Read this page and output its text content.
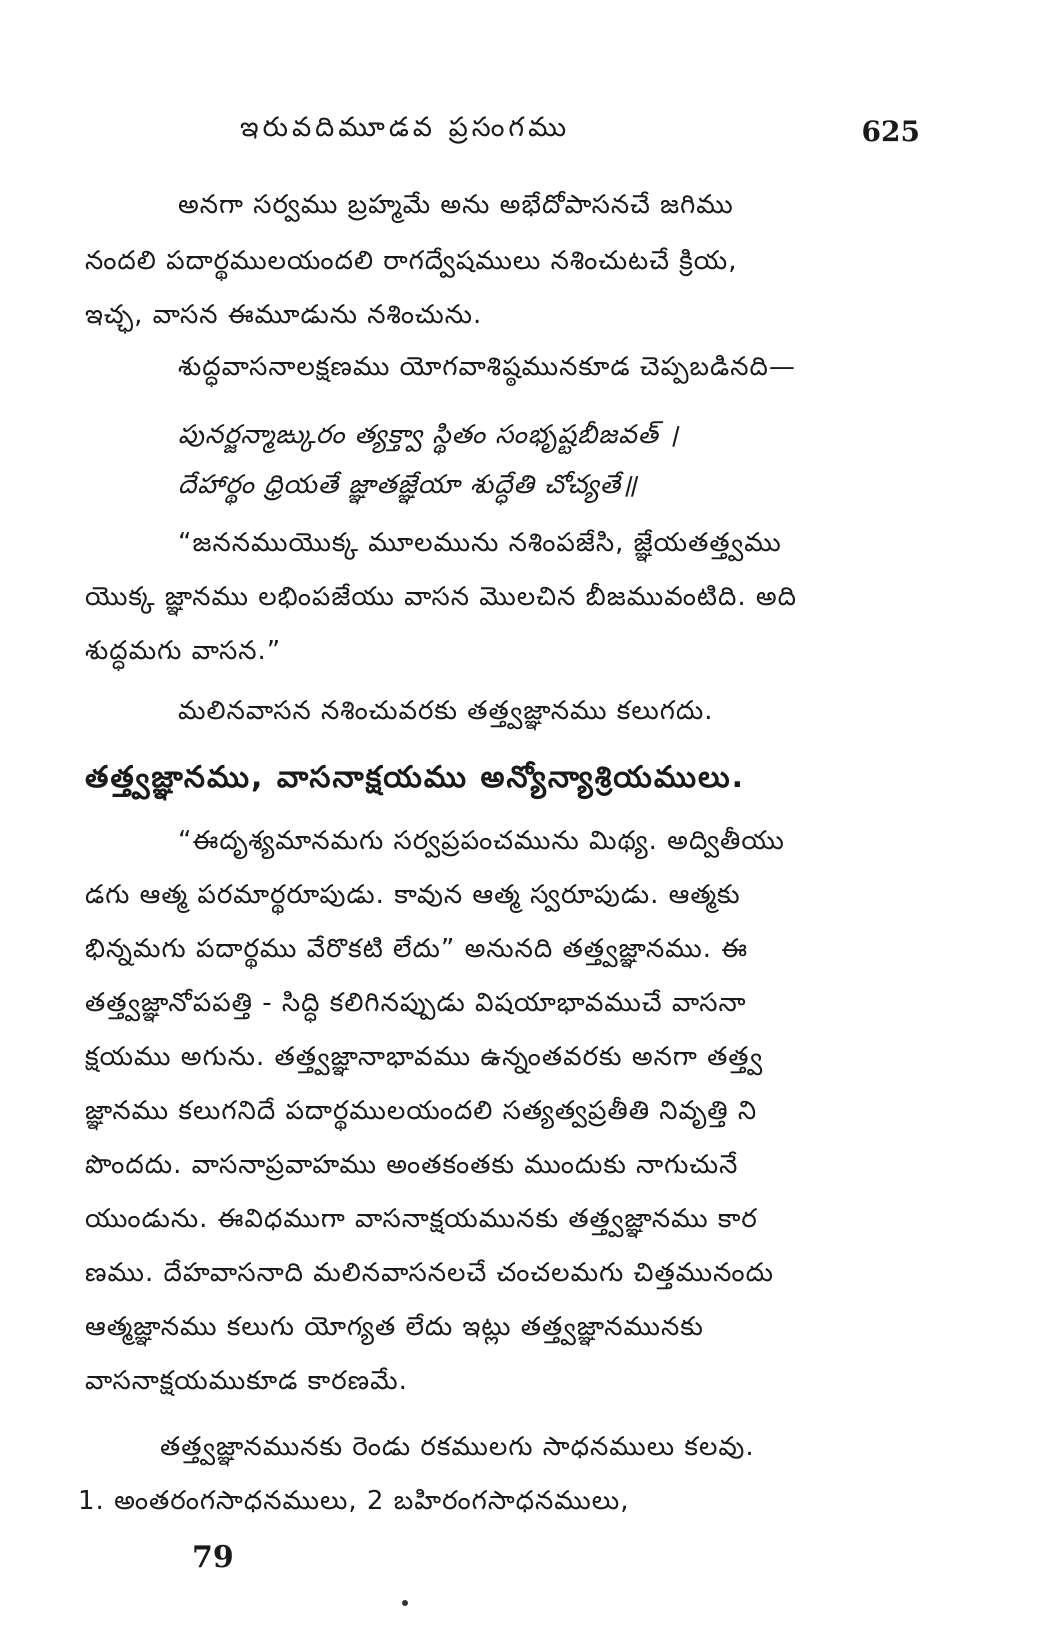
ఇరువదిమూడవ ప్రసంగము	625
అనగా సర్వము బ్రహ్మమే అను అభేదోపాసనచే జగిము
నందలి పదార్థములయందలి రాగద్వేషములు నశించుటచే క్రియ,
ఇచ్ఛ, వాసన ఈమూడును నశించును.
శుద్ధవాసనాలక్షణము యోగవాశిష్ఠమునకూడ చెప్పబడినది—
పునర్జన్మాఙ్కురం త్యక్త్వా స్థితం సంభృష్టబీజవత్ ।
దేహార్థం ధ్రియతే జ్ఞాతజ్ఞేయా శుద్ధేతి చోచ్యతే॥
“జననముయొక్క మూలమును నశింపజేసి, జ్ఞేయతత్త్వము
యొక్క జ్ఞానము లభింపజేయు వాసన మొలచిన బీజమువంటిది. అది
శుద్ధమగు వాసన.”
మలినవాసన నశించువరకు తత్త్వజ్ఞానము కలుగదు.
తత్త్వజ్ఞానము, వాసనాక్షయము అన్యోన్యాశ్రియములు.
“ఈదృశ్యమానమగు సర్వప్రపంచమును మిథ్య. అద్వితీయు
డగు ఆత్మ పరమార్థరూపుడు. కావున ఆత్మ స్వరూపుడు. ఆత్మకు
భిన్నమగు పదార్థము వేరొకటి లేదు” అనునది తత్త్వజ్ఞానము. ఈ
తత్త్వజ్ఞానోపపత్తి - సిద్ధి కలిగినప్పుడు విషయాభావముచే వాసనా
క్షయము అగును. తత్త్వజ్ఞానాభావము ఉన్నంతవరకు అనగా తత్త్వ
జ్ఞానము కలుగనిదే పదార్థములయందలి సత్యత్వప్రతీతి నివృత్తి ని
పొందదు. వాసనాప్రవాహము అంతకంతకు ముందుకు నాగుచునే
యుండును. ఈవిధముగా వాసనాక్షయమునకు తత్త్వజ్ఞానము కార
ణము. దేహవాసనాది మలినవాసనలచే చంచలమగు చిత్తమునందు
ఆత్మజ్ఞానము కలుగు యోగ్యత లేదు ఇట్లు తత్త్వజ్ఞానమునకు
వాసనాక్షయముకూడ కారణమే.
తత్త్వజ్ఞానమునకు రెండు రకములగు సాధనములు కలవు.
1. అంతరంగసాధనములు, 2 బహిరంగసాధనములు,
79
